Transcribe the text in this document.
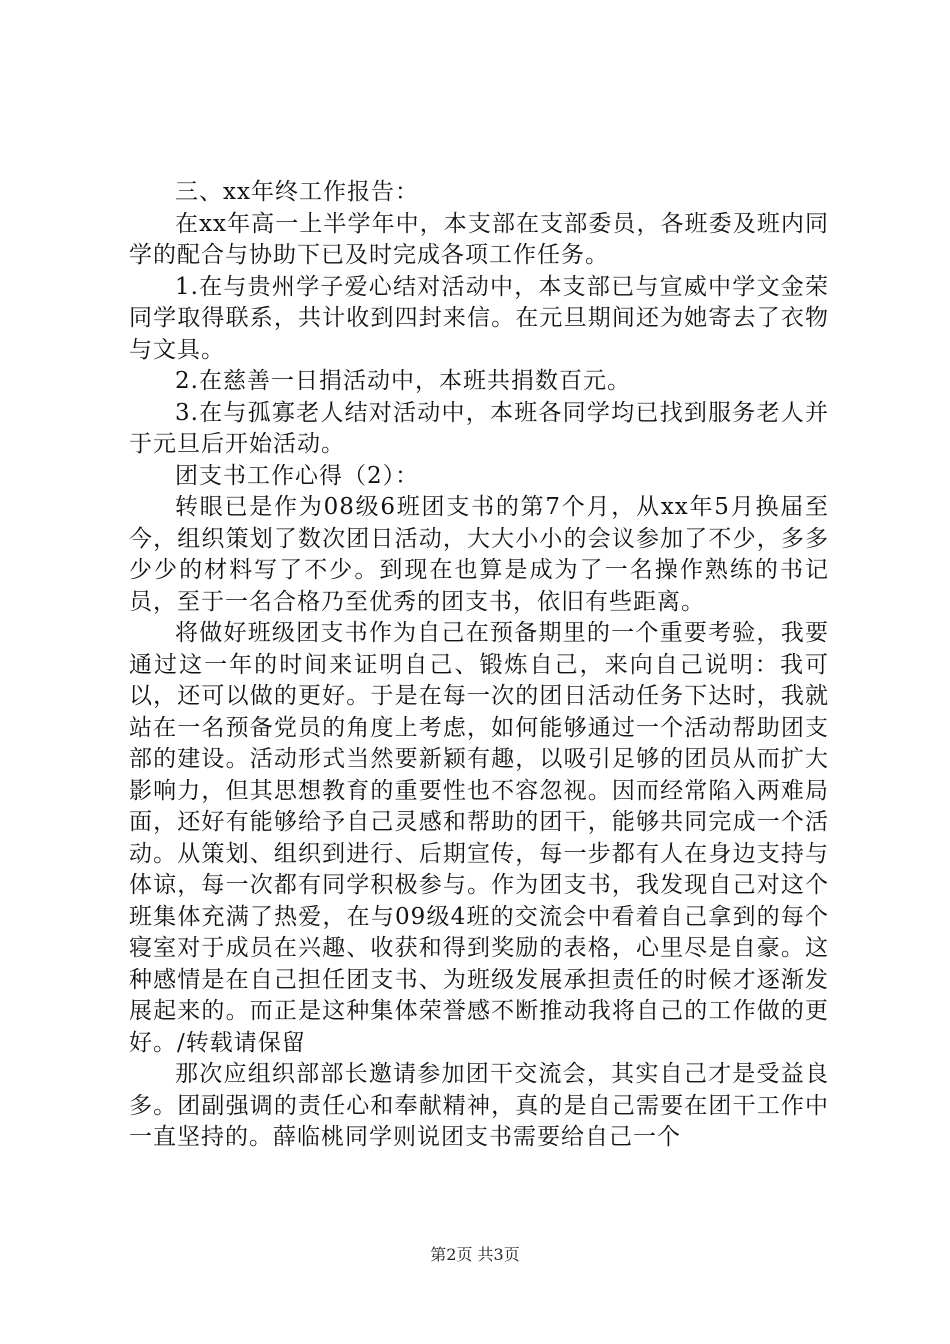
三、xx年终工作报告：

在xx年高一上半学年中，本支部在支部委员，各班委及班内同学的配合与协助下已及时完成各项工作任务。

1.在与贵州学子爱心结对活动中，本支部已与宣威中学文金荣同学取得联系，共计收到四封来信。在元旦期间还为她寄去了衣物与文具。

2.在慈善一日捐活动中，本班共捐数百元。

3.在与孤寡老人结对活动中，本班各同学均已找到服务老人并于元旦后开始活动。

团支书工作心得（2）：

转眼已是作为08级6班团支书的第7个月，从xx年5月换届至今，组织策划了数次团日活动，大大小小的会议参加了不少，多多少少的材料写了不少。到现在也算是成为了一名操作熟练的书记员，至于一名合格乃至优秀的团支书，依旧有些距离。

将做好班级团支书作为自己在预备期里的一个重要考验，我要通过这一年的时间来证明自己、锻炼自己，来向自己说明：我可以，还可以做的更好。于是在每一次的团日活动任务下达时，我就站在一名预备党员的角度上考虑，如何能够通过一个活动帮助团支部的建设。活动形式当然要新颖有趣，以吸引足够的团员从而扩大影响力，但其思想教育的重要性也不容忽视。因而经常陷入两难局面，还好有能够给予自己灵感和帮助的团干，能够共同完成一个活动。从策划、组织到进行、后期宣传，每一步都有人在身边支持与体谅，每一次都有同学积极参与。作为团支书，我发现自己对这个班集体充满了热爱，在与09级4班的交流会中看着自己拿到的每个寝室对于成员在兴趣、收获和得到奖励的表格，心里尽是自豪。这种感情是在自己担任团支书、为班级发展承担责任的时候才逐渐发展起来的。而正是这种集体荣誉感不断推动我将自己的工作做的更好。/转载请保留

那次应组织部部长邀请参加团干交流会，其实自己才是受益良多。团副强调的责任心和奉献精神，真的是自己需要在团干工作中一直坚持的。薛临桃同学则说团支书需要给自己一个

第2页 共3页
